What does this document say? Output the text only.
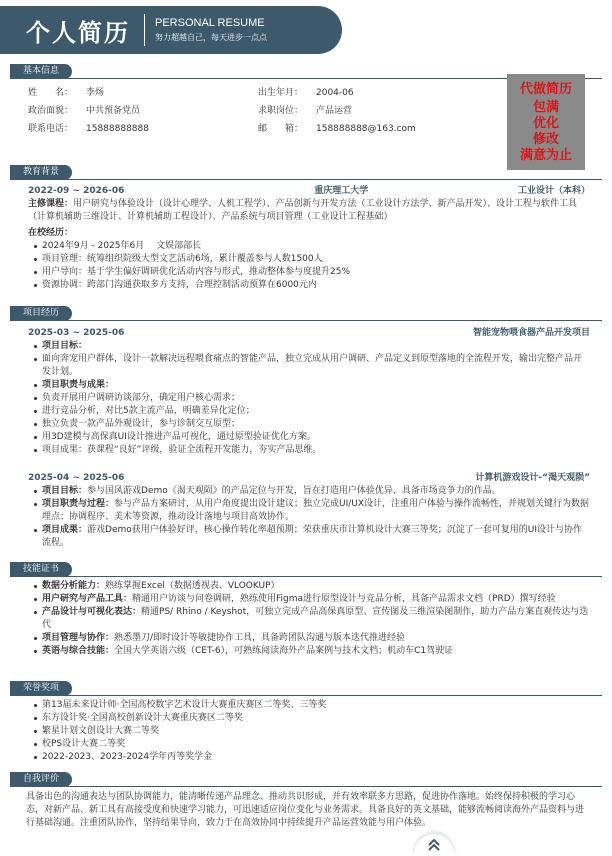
个人简历 PERSONAL RESUME
努力超越自己，每天进步一点点
基本信息
姓　　名：	李炀	出生年月：	2004-06
政治面貌：	中共预备党员	求职岗位：	产品运营
联系电话：	15888888888	邮　　箱：	158888888@163.com
代做简历
包满
优化
修改
满意为止
教育背景
2022-09 ~ 2026-06	重庆理工大学	工业设计（本科）
主修课程：用户研究与体验设计（设计心理学、人机工程学）、产品创新与开发方法（工业设计方法学、新产品开发）、设计工程与软件工具（计算机辅助三维设计、计算机辅助工程设计）、产品系统与项目管理（工业设计工程基础）
在校经历：
2024年9月 - 2025年6月　 文娱部部长
项目管理：统筹组织院级大型文艺活动6场，累计覆盖参与人数1500人
用户导向：基于学生偏好调研优化活动内容与形式，推动整体参与度提升25%
资源协调：跨部门沟通获取多方支持，合理控制活动预算在6000元内
项目经历
2025-03 ~ 2025-06	智能宠物喂食器产品开发项目
项目目标：
面向奔宠用户群体，设计一款解决远程喂食痛点的智能产品，独立完成从用户调研、产品定义到原型落地的全流程开发，输出完整产品开发计划。
项目职责与成果：
负责开展用户调研访谈部分，确定用户核心需求；
进行竞品分析，对比5款主流产品，明确差异化定位；
独立负责一款产品外观设计，参与诊制交互原型；
用3D建模与高保真UI设计推进产品可视化，通过原型验证优化方案。
项目成果：获课程“良好”评级，验证全流程开发能力，夯实产品思维。
2025-04 ~ 2025-06	计算机游戏设计-“渴天观陨”
项目目标：参与国风游戏Demo《渴天观陨》的产品定位与开发，旨在打造用户体验优异、具备市场竞争力的作品。
项目职责与过程：参与产品方案研讨，从用户角度提出设计建议；独立完成UI/UX设计，注重用户体验与操作流畅性，并规划关键行为数据埋点；协调程序、美术等资源，推动设计落地与项目高效协作。
项目成果：游戏Demo获用户体验好评，核心操作转化率超预期；荣获重庆市计算机设计大赛三等奖；沉淀了一套可复用的UI设计与协作流程。
技能证书
数据分析能力：熟练掌握Excel（数据透视表、VLOOKUP）
用户研究与产品工具：精通用户访谈与问卷调研，熟练使用Figma进行原型设计与竞品分析，具备产品需求文档（PRD）撰写经验
产品设计与可视化表达：精通PS/ Rhino / Keyshot，可独立完成产品高保真原型、宣传图及三维渲染图制作，助力产品方案直观传达与迭代
项目管理与协作：熟悉墨刀/即时设计等敏捷协作工具，具备跨团队沟通与版本迭代推进经验
英语与综合技能：全国大学英语六级（CET-6），可熟练阅读海外产品案例与技术文档；机动车C1驾驶证
荣誉奖项
第13届未来设计师·全国高校数字艺术设计大赛重庆赛区二等奖、三等奖
东方设计奖·全国高校创新设计大赛重庆赛区二等奖
繁星计划文创设计大赛二等奖
校PS设计大赛二等奖
2022-2023、2023-2024学年丙等奖学金
自我评价
具备出色的沟通表达与团队协调能力，能清晰传递产品理念、推动共识形成，并有效率联多方思路，促进协作落地。始终保持积极的学习心态，对新产品、新工具有高接受度和快速学习能力，可迅速适应岗位变化与业务需求。具备良好的英文基础，能够流畅阅读海外产品资料与进行基础沟通。注重团队协作，坚持结果导向，致力于在高效协同中持续提升产品运营效能与用户体验。
